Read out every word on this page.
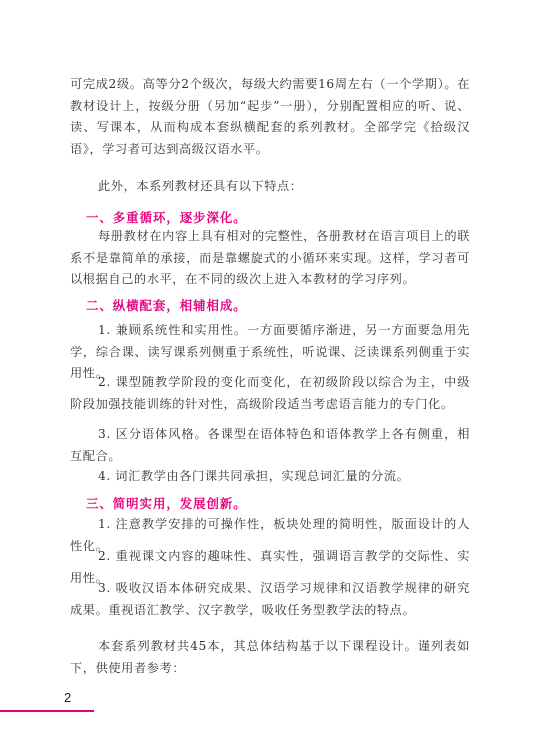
可完成2级。高等分2个级次，每级大约需要16周左右（一个学期）。在教材设计上，按级分册（另加“起步”一册），分别配置相应的听、说、读、写课本，从而构成本套纵横配套的系列教材。全部学完《拾级汉语》，学习者可达到高级汉语水平。
此外，本系列教材还具有以下特点：
一、多重循环，逐步深化。
每册教材在内容上具有相对的完整性，各册教材在语言项目上的联系不是靠简单的承接，而是靠螺旋式的小循环来实现。这样，学习者可以根据自己的水平，在不同的级次上进入本教材的学习序列。
二、纵横配套，相辅相成。
1. 兼顾系统性和实用性。一方面要循序渐进，另一方面要急用先学，综合课、读写课系列侧重于系统性，听说课、泛读课系列侧重于实用性。
2. 课型随教学阶段的变化而变化，在初级阶段以综合为主，中级阶段加强技能训练的针对性，高级阶段适当考虑语言能力的专门化。
3. 区分语体风格。各课型在语体特色和语体教学上各有侧重，相互配合。
4. 词汇教学由各门课共同承担，实现总词汇量的分流。
三、简明实用，发展创新。
1. 注意教学安排的可操作性，板块处理的简明性，版面设计的人性化。
2. 重视课文内容的趣味性、真实性，强调语言教学的交际性、实用性。
3. 吸收汉语本体研究成果、汉语学习规律和汉语教学规律的研究成果。重视语汇教学、汉字教学，吸收任务型教学法的特点。
本套系列教材共45本，其总体结构基于以下课程设计。谨列表如下，供使用者参考：
2
